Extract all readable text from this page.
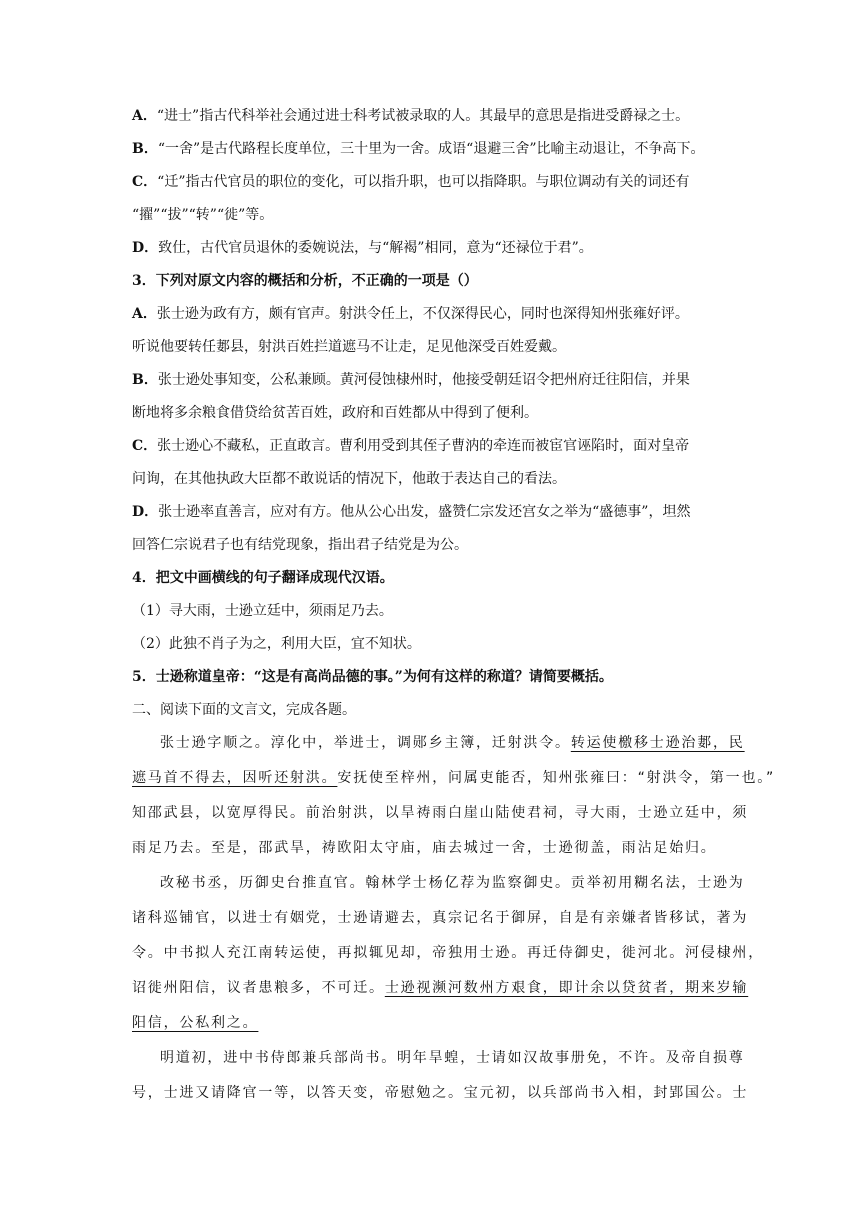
A．“进士”指古代科举社会通过进士科考试被录取的人。其最早的意思是指进受爵禄之士。

B．“一舍”是古代路程长度单位，三十里为一舍。成语“退避三舍”比喻主动退让，不争高下。

C．“迁”指古代官员的职位的变化，可以指升职，也可以指降职。与职位调动有关的词还有

“擢”“拔”“转”“徙”等。

D．致仕，古代官员退休的委婉说法，与“解褐”相同，意为“还禄位于君”。

3．下列对原文内容的概括和分析，不正确的一项是（）

A．张士逊为政有方，颇有官声。射洪令任上，不仅深得民心，同时也深得知州张雍好评。

听说他要转任郪县，射洪百姓拦道遮马不让走，足见他深受百姓爱戴。

B．张士逊处事知变，公私兼顾。黄河侵蚀棣州时，他接受朝廷诏令把州府迁往阳信，并果

断地将多余粮食借贷给贫苦百姓，政府和百姓都从中得到了便利。

C．张士逊心不藏私，正直敢言。曹利用受到其侄子曹汭的牵连而被宦官诬陷时，面对皇帝

问询，在其他执政大臣都不敢说话的情况下，他敢于表达自己的看法。

D．张士逊率直善言，应对有方。他从公心出发，盛赞仁宗发还宫女之举为“盛德事”，坦然

回答仁宗说君子也有结党现象，指出君子结党是为公。

4．把文中画横线的句子翻译成现代汉语。

（1）寻大雨，士逊立廷中，须雨足乃去。

（2）此独不肖子为之，利用大臣，宜不知状。

5．士逊称道皇帝：“这是有高尚品德的事。”为何有这样的称道？请简要概括。

二、阅读下面的文言文，完成各题。

张士逊字顺之。淳化中，举进士，调郧乡主簿，迁射洪令。转运使檄移士逊治郪，民

遮马首不得去，因听还射洪。安抚使至梓州，问属吏能否，知州张雍曰：“射洪令，第一也。”

知邵武县，以宽厚得民。前治射洪，以旱祷雨白崖山陆使君祠，寻大雨，士逊立廷中，须

雨足乃去。至是，邵武旱，祷欧阳太守庙，庙去城过一舍，士逊彻盖，雨沾足始归。

改秘书丞，历御史台推直官。翰林学士杨亿荐为监察御史。贡举初用糊名法，士逊为

诸科巡铺官，以进士有姻党，士逊请避去，真宗记名于御屏，自是有亲嫌者皆移试，著为

令。中书拟人充江南转运使，再拟辄见却，帝独用士逊。再迁侍御史，徙河北。河侵棣州，

诏徙州阳信，议者患粮多，不可迁。士逊视濒河数州方艰食，即计余以贷贫者，期来岁输

阳信，公私利之。

明道初，进中书侍郎兼兵部尚书。明年旱蝗，士请如汉故事册免，不许。及帝自损尊

号，士进又请降官一等，以答天变，帝慰勉之。宝元初，以兵部尚书入相，封郢国公。士
